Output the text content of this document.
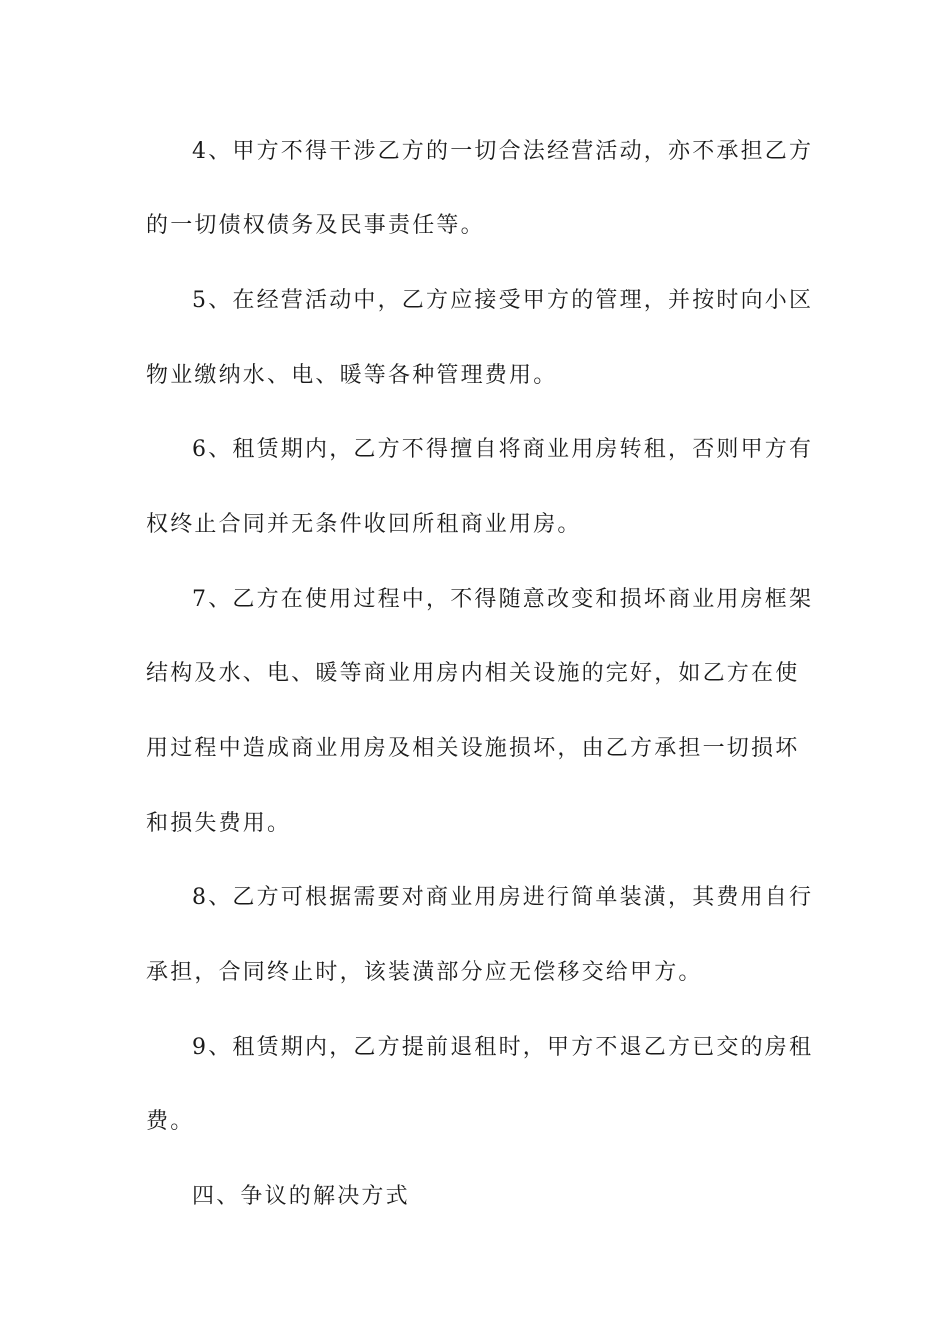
4、甲方不得干涉乙方的一切合法经营活动，亦不承担乙方
的一切债权债务及民事责任等。
5、在经营活动中，乙方应接受甲方的管理，并按时向小区
物业缴纳水、电、暖等各种管理费用。
6、租赁期内，乙方不得擅自将商业用房转租，否则甲方有
权终止合同并无条件收回所租商业用房。
7、乙方在使用过程中，不得随意改变和损坏商业用房框架
结构及水、电、暖等商业用房内相关设施的完好，如乙方在使
用过程中造成商业用房及相关设施损坏，由乙方承担一切损坏
和损失费用。
8、乙方可根据需要对商业用房进行简单装潢，其费用自行
承担，合同终止时，该装潢部分应无偿移交给甲方。
9、租赁期内，乙方提前退租时，甲方不退乙方已交的房租
费。
四、争议的解决方式
